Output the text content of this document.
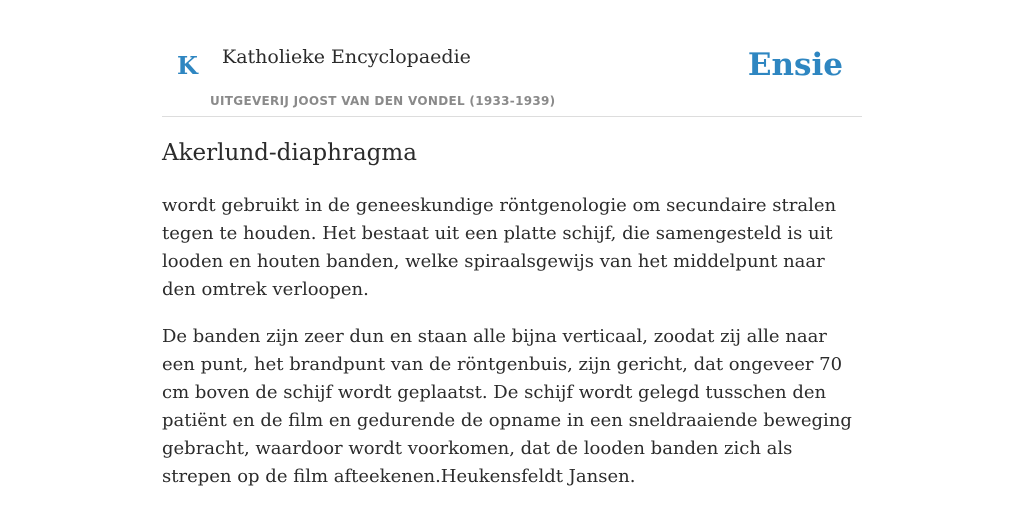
K Katholieke Encyclopaedie
UITGEVERIJ JOOST VAN DEN VONDEL (1933-1939)
Ensie
Akerlund-diaphragma

wordt gebruikt in de geneeskundige röntgenologie om secundaire stralen tegen te houden. Het bestaat uit een platte schijf, die samengesteld is uit looden en houten banden, welke spiraalsgewijs van het middelpunt naar den omtrek verloopen.

De banden zijn zeer dun en staan alle bijna verticaal, zoodat zij alle naar een punt, het brandpunt van de röntgenbuis, zijn gericht, dat ongeveer 70 cm boven de schijf wordt geplaatst. De schijf wordt gelegd tusschen den patiënt en de film en gedurende de opname in een sneldraaiende beweging gebracht, waardoor wordt voorkomen, dat de looden banden zich als strepen op de film afteekenen.Heukensfeldt Jansen.
